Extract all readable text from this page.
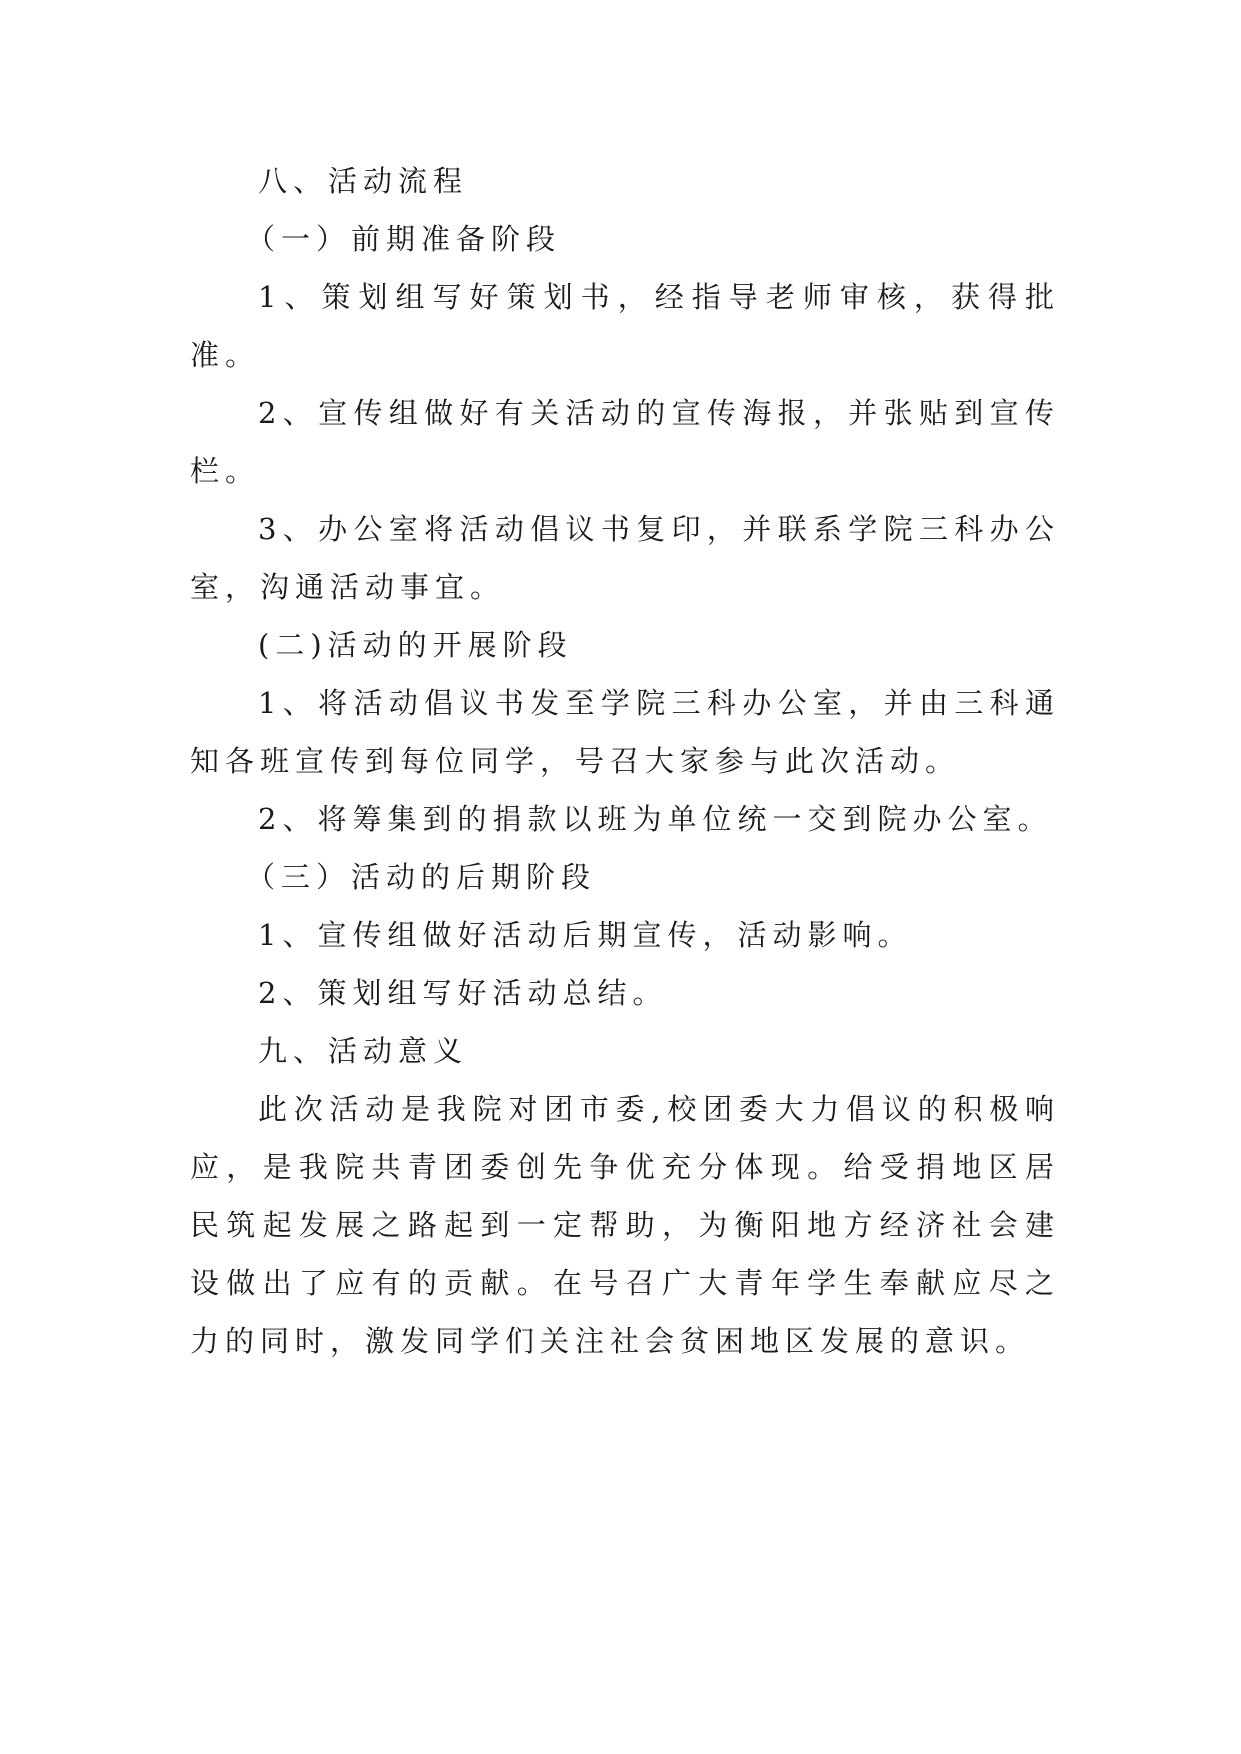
八、活动流程

（一）前期准备阶段

1、策划组写好策划书，经指导老师审核，获得批准。

2、宣传组做好有关活动的宣传海报，并张贴到宣传栏。

3、办公室将活动倡议书复印，并联系学院三科办公室，沟通活动事宜。

(二)活动的开展阶段

1、将活动倡议书发至学院三科办公室，并由三科通知各班宣传到每位同学，号召大家参与此次活动。

2、将筹集到的捐款以班为单位统一交到院办公室。

（三）活动的后期阶段

1、宣传组做好活动后期宣传，活动影响。

2、策划组写好活动总结。

九、活动意义

此次活动是我院对团市委,校团委大力倡议的积极响应，是我院共青团委创先争优充分体现。给受捐地区居民筑起发展之路起到一定帮助，为衡阳地方经济社会建设做出了应有的贡献。在号召广大青年学生奉献应尽之力的同时，激发同学们关注社会贫困地区发展的意识。
